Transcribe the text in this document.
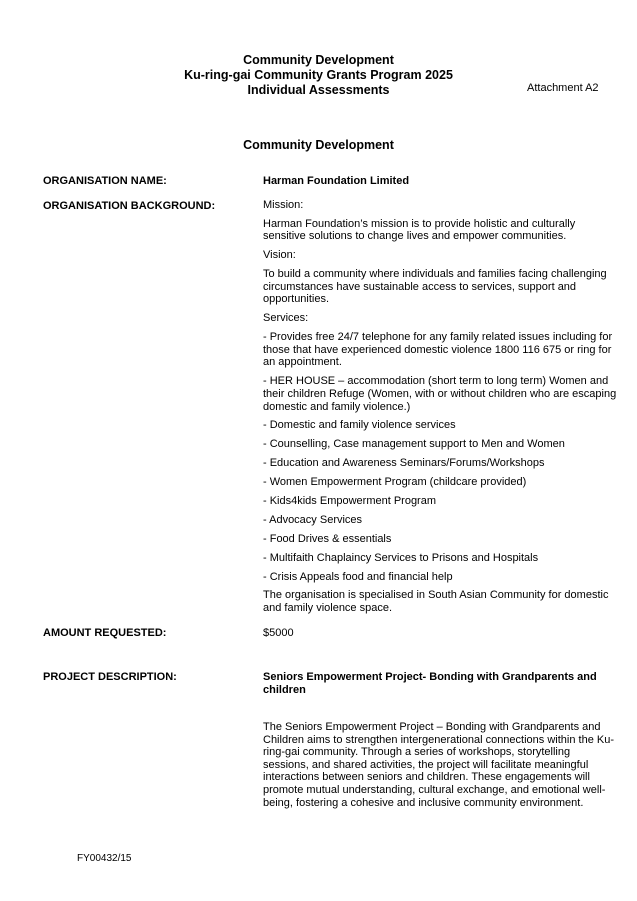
Community Development
Ku-ring-gai Community Grants Program 2025
Individual Assessments	Attachment A2
Community Development
ORGANISATION NAME:	Harman Foundation Limited
ORGANISATION BACKGROUND:	Mission:

Harman Foundation’s mission is to provide holistic and culturally sensitive solutions to change lives and empower communities.

Vision:

To build a community where individuals and families facing challenging circumstances have sustainable access to services, support and opportunities.

Services:

- Provides free 24/7 telephone for any family related issues including for those that have experienced domestic violence 1800 116 675 or ring for an appointment.

- HER HOUSE – accommodation (short term to long term) Women and their children Refuge (Women, with or without children who are escaping domestic and family violence.)

- Domestic and family violence services

- Counselling, Case management support to Men and Women

- Education and Awareness Seminars/Forums/Workshops

- Women Empowerment Program (childcare provided)

- Kids4kids Empowerment Program

- Advocacy Services

- Food Drives & essentials

- Multifaith Chaplaincy Services to Prisons and Hospitals

- Crisis Appeals food and financial help

The organisation is specialised in South Asian Community for domestic and family violence space.

AMOUNT REQUESTED:	$5000
PROJECT DESCRIPTION:	Seniors Empowerment Project- Bonding with Grandparents and children
The Seniors Empowerment Project – Bonding with Grandparents and Children aims to strengthen intergenerational connections within the Ku-ring-gai community. Through a series of workshops, storytelling sessions, and shared activities, the project will facilitate meaningful interactions between seniors and children. These engagements will promote mutual understanding, cultural exchange, and emotional well-being, fostering a cohesive and inclusive community environment.
FY00432/15
